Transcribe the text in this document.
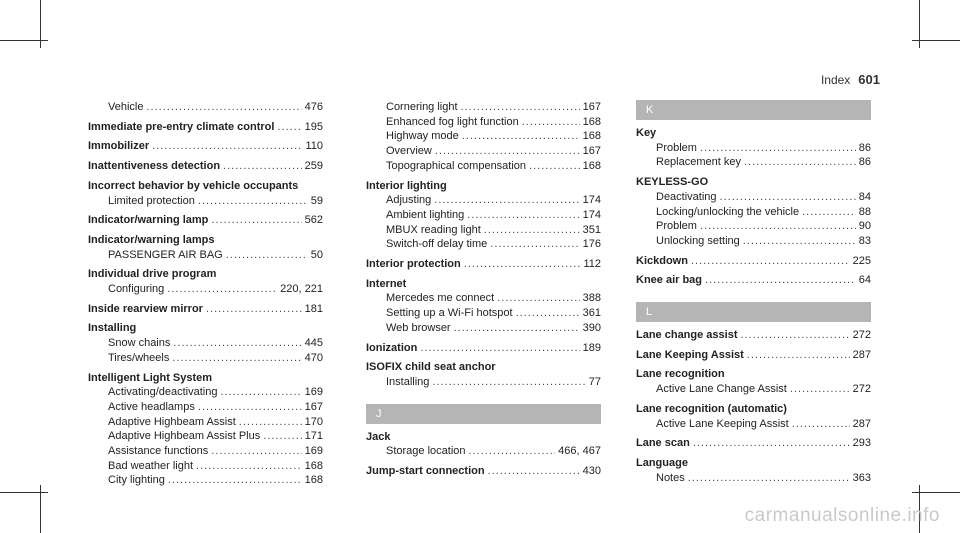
Index 601
Vehicle .....	476
Immediate pre-entry climate control .....	195
Immobilizer .....	110
Inattentiveness detection .....	259
Incorrect behavior by vehicle occupants
Limited protection .....	59
Indicator/warning lamp .....	562
Indicator/warning lamps
PASSENGER AIR BAG .....	50
Individual drive program
Configuring .....	220, 221
Inside rearview mirror .....	181
Installing
Snow chains .....	445
Tires/wheels .....	470
Intelligent Light System
Activating/deactivating .....	169
Active headlamps .....	167
Adaptive Highbeam Assist .....	170
Adaptive Highbeam Assist Plus .....	171
Assistance functions .....	169
Bad weather light .....	168
City lighting .....	168
Cornering light .....	167
Enhanced fog light function .....	168
Highway mode .....	168
Overview .....	167
Topographical compensation .....	168
Interior lighting
Adjusting .....	174
Ambient lighting .....	174
MBUX reading light .....	351
Switch-off delay time .....	176
Interior protection .....	112
Internet
Mercedes me connect .....	388
Setting up a Wi-Fi hotspot .....	361
Web browser .....	390
Ionization .....	189
ISOFIX child seat anchor
Installing .....	77
J
Jack
Storage location .....	466, 467
Jump-start connection .....	430
K
Key
Problem .....	86
Replacement key .....	86
KEYLESS-GO
Deactivating .....	84
Locking/unlocking the vehicle .....	88
Problem .....	90
Unlocking setting .....	83
Kickdown .....	225
Knee air bag .....	64
L
Lane change assist .....	272
Lane Keeping Assist .....	287
Lane recognition
Active Lane Change Assist .....	272
Lane recognition (automatic)
Active Lane Keeping Assist .....	287
Lane scan .....	293
Language
Notes .....	363
carmanualsonline.info
